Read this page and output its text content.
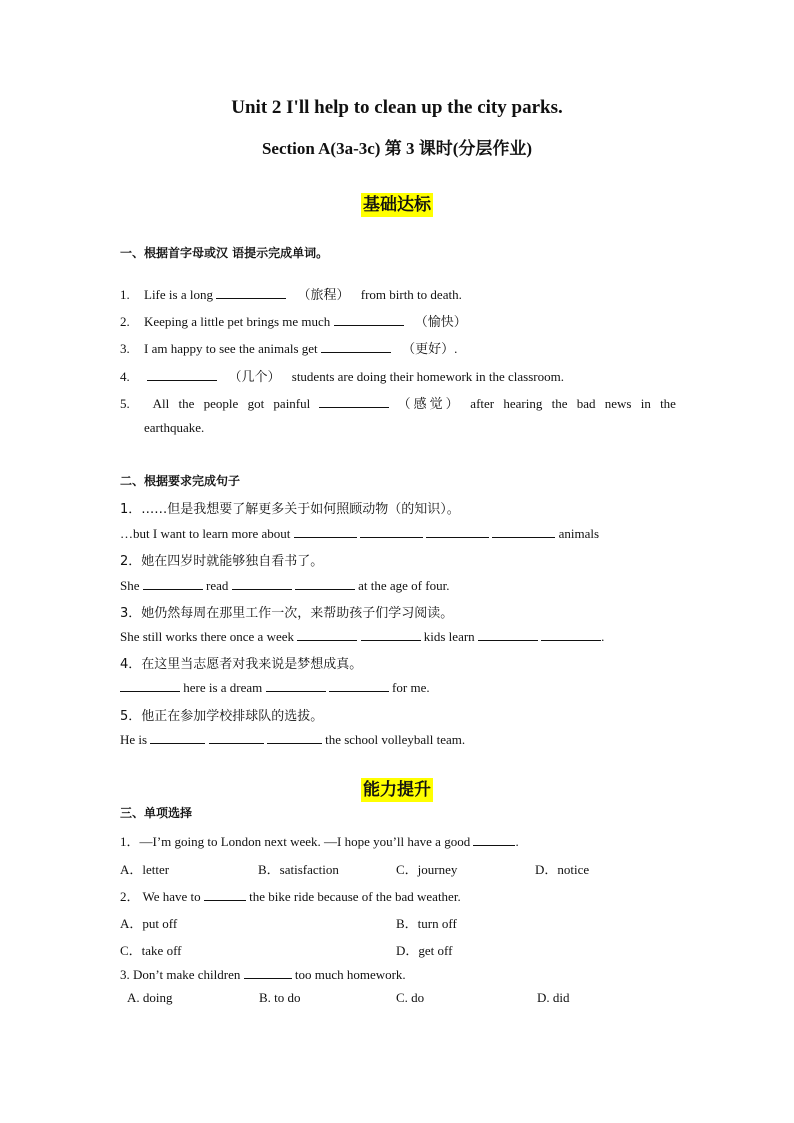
Unit 2 I'll help to clean up the city parks.
Section A(3a-3c) 第 3 课时(分层作业)
基础达标
一、根据首字母或汉 语提示完成单词。
1. Life is a long	（旅程） from birth to death.
2. Keeping a little pet brings me much	（愉快）
3. I am happy to see the animals get	（更好）.
4.	（几个） students are doing their homework in the classroom.
5.	All the people got painful	（感觉） after hearing the bad news in the
earthquake.
二、根据要求完成句子
1．……但是我想要了解更多关于如何照顾动物（的知识）。
…but I want to learn more about	animals
2．她在四岁时就能够独自看书了。
She	read	at the age of four.
3．她仍然每周在那里工作一次，来帮助孩子们学习阅读。
She still works there once a week	kids learn	.
4．在这里当志愿者对我来说是梦想成真。
here is a dream	for me.
5．他正在参加学校排球队的选拔。
He is	the school volleyball team.
能力提升
三、单项选择
1．—I’m going to London next week. —I hope you’ll have a good	.
A．letter	B．satisfaction	C．journey	D．notice
2． We have to	the bike ride because of the bad weather.
A．put off	B．turn off
C．take off	D．get off
3. Don’t make children	too much homework.
A. doing	B. to do	C. do	D. did
